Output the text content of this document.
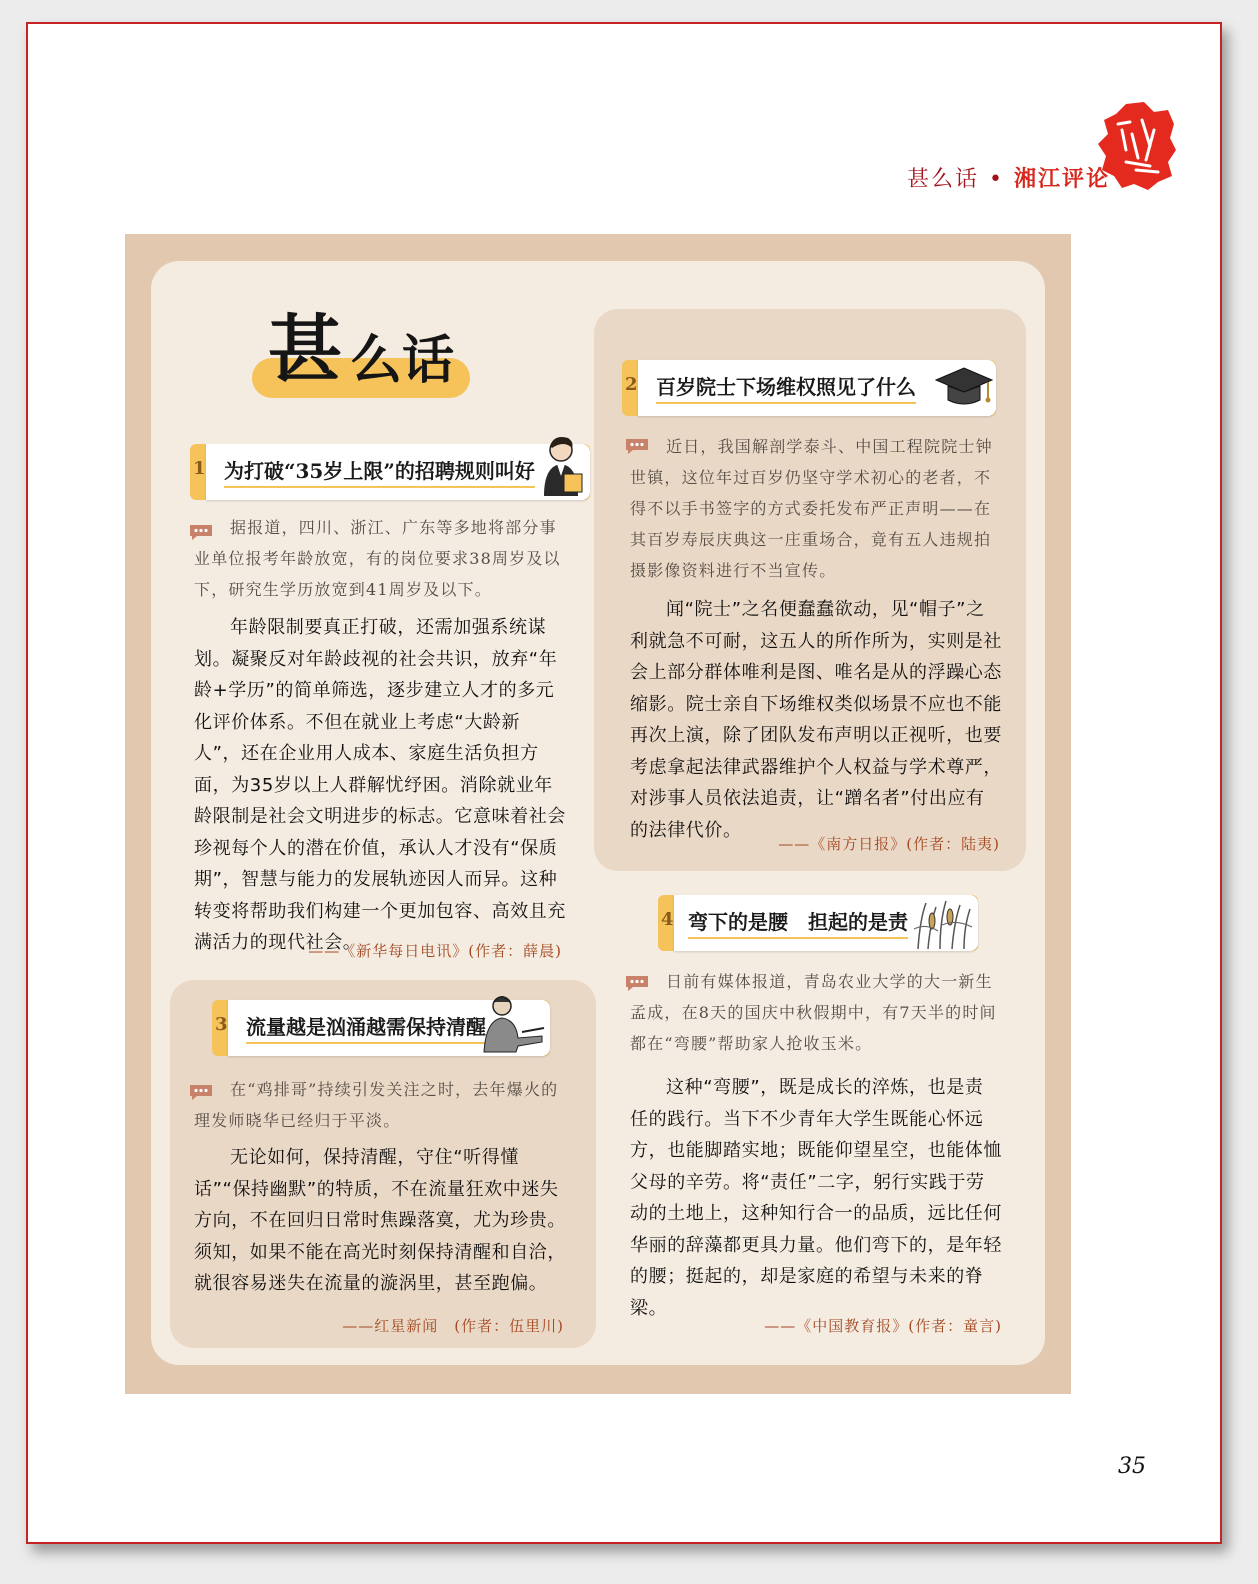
甚么话 • 湘江评论
甚 么话
1 为打破“35岁上限”的招聘规则叫好
据报道，四川、浙江、广东等多地将部分事业单位报考年龄放宽，有的岗位要求38周岁及以下，研究生学历放宽到41周岁及以下。
年龄限制要真正打破，还需加强系统谋划。凝聚反对年龄歧视的社会共识，放弃“年龄+学历”的简单筛选，逐步建立人才的多元化评价体系。不但在就业上考虑“大龄新人”，还在企业用人成本、家庭生活负担方面，为35岁以上人群解忧纾困。消除就业年龄限制是社会文明进步的标志。它意味着社会珍视每个人的潜在价值，承认人才没有“保质期”，智慧与能力的发展轨迹因人而异。这种转变将帮助我们构建一个更加包容、高效且充满活力的现代社会。
——《新华每日电讯》(作者：薛晨)
2 百岁院士下场维权照见了什么
近日，我国解剖学泰斗、中国工程院院士钟世镇，这位年过百岁仍坚守学术初心的老者，不得不以手书签字的方式委托发布严正声明——在其百岁寿辰庆典这一庄重场合，竟有五人违规拍摄影像资料进行不当宣传。
闻“院士”之名便蠢蠢欲动，见“帽子”之利就急不可耐，这五人的所作所为，实则是社会上部分群体唯利是图、唯名是从的浮躁心态缩影。院士亲自下场维权类似场景不应也不能再次上演，除了团队发布声明以正视听，也要考虑拿起法律武器维护个人权益与学术尊严，对涉事人员依法追责，让“蹭名者”付出应有的法律代价。
——《南方日报》(作者：陆夷)
3 流量越是汹涌越需保持清醒
在“鸡排哥”持续引发关注之时，去年爆火的理发师晓华已经归于平淡。
无论如何，保持清醒，守住“听得懂话”“保持幽默”的特质，不在流量狂欢中迷失方向，不在回归日常时焦躁落寞，尤为珍贵。须知，如果不能在高光时刻保持清醒和自洽，就很容易迷失在流量的漩涡里，甚至跑偏。
——红星新闻　(作者：伍里川)
4 弯下的是腰　担起的是责
日前有媒体报道，青岛农业大学的大一新生孟成，在8天的国庆中秋假期中，有7天半的时间都在“弯腰”帮助家人抢收玉米。
这种“弯腰”，既是成长的淬炼，也是责任的践行。当下不少青年大学生既能心怀远方，也能脚踏实地；既能仰望星空，也能体恤父母的辛劳。将“责任”二字，躬行实践于劳动的土地上，这种知行合一的品质，远比任何华丽的辞藻都更具力量。他们弯下的，是年轻的腰；挺起的，却是家庭的希望与未来的脊梁。
——《中国教育报》(作者：童言)
35
